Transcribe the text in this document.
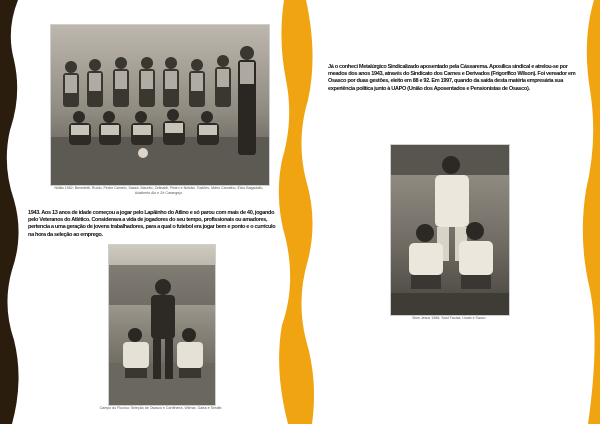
Niltão 1962: Benedetti, Ruído, Pedro Camelo, Sassá, Maurão, Zelinaldi, Pedro e Nelsão. Tostões, Mário Carvalho, Élcio Bagadolfo, Adalberto Alo e Zé Carangejo.
1943. Aos 13 anos de idade começou a jogar pelo Lapãinho do Atlino e só parou com mais de 40, jogando pelo Veteranos do Atlético. Considerava a vida de jogadores do seu tempo, profissionais ou amadores, pertencia a uma geração de jovens trabalhadores, para a qual o futebol era jogar bem e ponto e o currículo na hora da seleção ao emprego.
Campo do Fluxiou: Seleção de Osasco e Carrilheira, Wilmar, Gaiss e Sestile.
Já o conheci Metalúrgico Sindicalizado aposentado pela Cássarema. Aposílica sindical e atrelou-se por meados dos anos 1943, através do Sindicato dos Carnes e Derivados (Frigorífico Wilson). Foi vereador em Osasco por duas gestões, eleito em 88 e 92. Em 1997, quando da saída desta matéria empresária sua experiência política junto à UAPO (União dos Aposentados e Pensionistas de Osasco).
Bom Jesus 1968: Saíd Facaia, Lisais e Sasco
